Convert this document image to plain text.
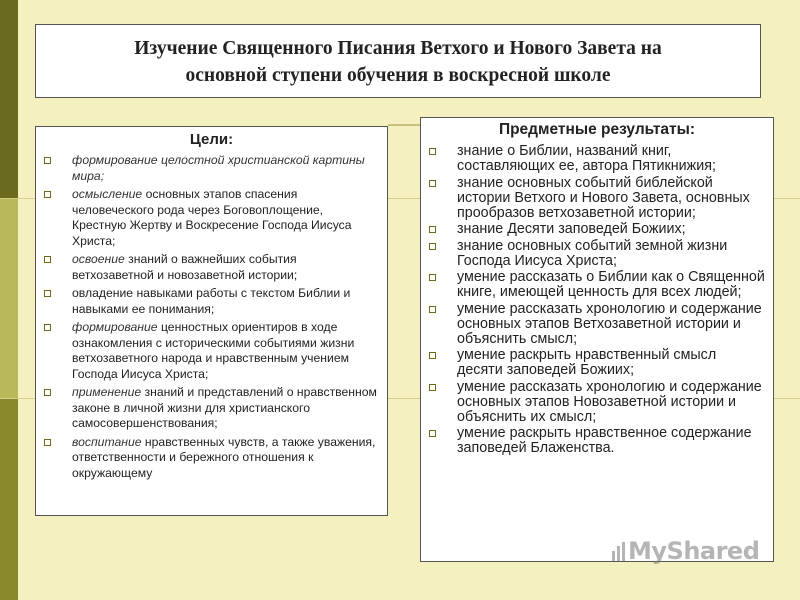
Изучение Священного Писания Ветхого и Нового Завета на
основной ступени обучения в воскресной школе
Цели:
формирование целостной христианской картины мира;
осмысление основных этапов спасения человеческого рода через Боговоплощение, Крестную Жертву и Воскресение Господа Иисуса Христа;
освоение знаний о важнейших события ветхозаветной и новозаветной истории;
овладение навыками работы с текстом Библии и навыками ее понимания;
формирование ценностных ориентиров в ходе ознакомления с историческими событиями жизни ветхозаветного народа и нравственным учением Господа Иисуса Христа;
применение знаний и представлений о нравственном законе в личной жизни для христианского самосовершенствования;
воспитание нравственных чувств, а также уважения, ответственности и бережного отношения к окружающему
Предметные результаты:
знание о Библии, названий книг, составляющих ее, автора Пятикнижия;
знание основных событий библейской истории Ветхого и Нового Завета, основных прообразов ветхозаветной истории;
знание Десяти заповедей Божиих;
знание основных событий земной жизни Господа Иисуса Христа;
умение рассказать о Библии как о Священной книге, имеющей ценность для всех людей;
умение рассказать хронологию и содержание основных этапов Ветхозаветной истории и объяснить смысл;
умение раскрыть нравственный смысл десяти заповедей Божиих;
умение рассказать хронологию и содержание основных этапов Новозаветной истории и объяснить их смысл;
умение раскрыть нравственное содержание заповедей Блаженства.
MyShared
